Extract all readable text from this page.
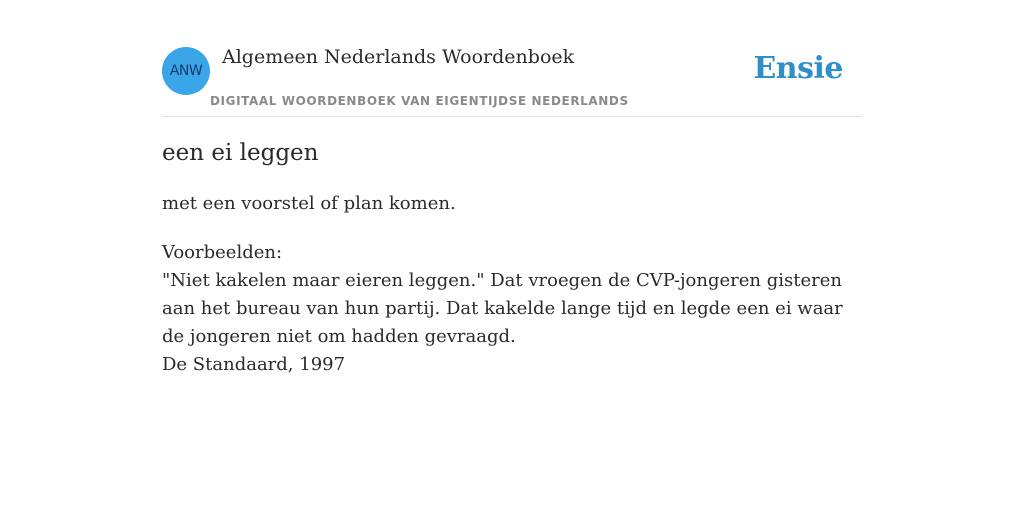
ANW
Algemeen Nederlands Woordenboek
DIGITAAL WOORDENBOEK VAN EIGENTIJDSE NEDERLANDS
Ensie
een ei leggen
met een voorstel of plan komen.
Voorbeelden:
"Niet kakelen maar eieren leggen." Dat vroegen de CVP-jongeren gisteren aan het bureau van hun partij. Dat kakelde lange tijd en legde een ei waar de jongeren niet om hadden gevraagd.
De Standaard, 1997
